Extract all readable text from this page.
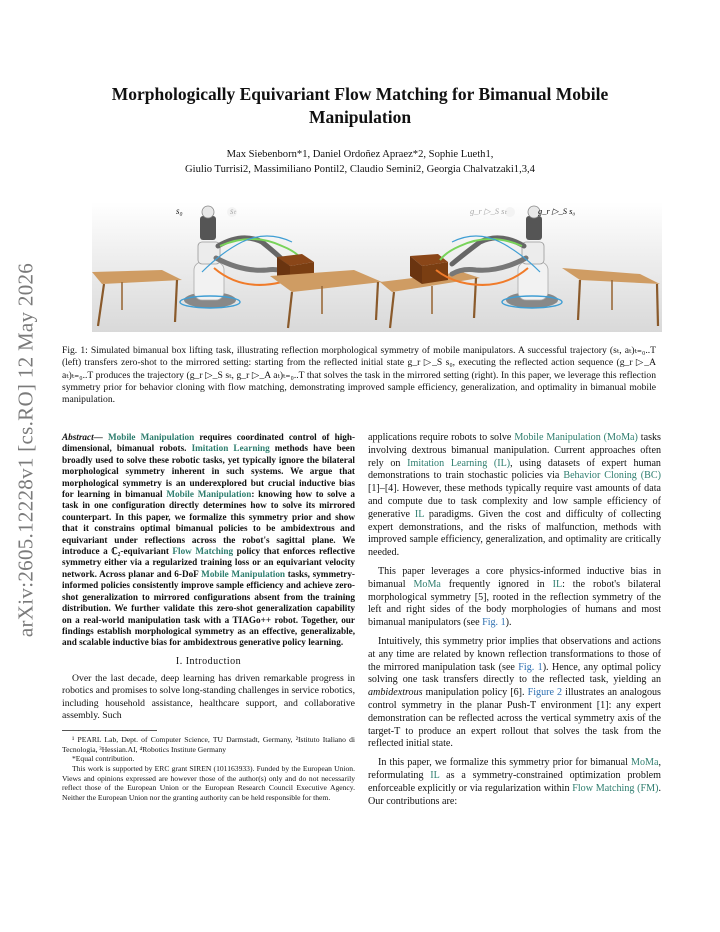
arXiv:2605.12228v1 [cs.RO] 12 May 2026
Morphologically Equivariant Flow Matching for Bimanual Mobile Manipulation
Max Siebenborn*1, Daniel Ordoñez Apraez*2, Sophie Lueth1,
Giulio Turrisi2, Massimiliano Pontil2, Claudio Semini2, Georgia Chalvatzaki1,3,4
s₀	sₜ	g_r ▷_S sₜ	g_r ▷_S s₀
Fig. 1: Simulated bimanual box lifting task, illustrating reflection morphological symmetry of mobile manipulators. A successful trajectory (sₜ, aₜ)ₜ₌₀..T (left) transfers zero-shot to the mirrored setting: starting from the reflected initial state g_r ▷_S s₀, executing the reflected action sequence (g_r ▷_A aₜ)ₜ₌₀..T produces the trajectory (g_r ▷_S sₜ, g_r ▷_A aₜ)ₜ₌₀..T that solves the task in the mirrored setting (right). In this paper, we leverage this reflection symmetry prior for behavior cloning with flow matching, demonstrating improved sample efficiency, generalization, and optimality in bimanual mobile manipulation.
Abstract— Mobile Manipulation requires coordinated control of high-dimensional, bimanual robots. Imitation Learning methods have been broadly used to solve these robotic tasks, yet typically ignore the bilateral morphological symmetry inherent in such systems. We argue that morphological symmetry is an underexplored but crucial inductive bias for learning in bimanual Mobile Manipulation: knowing how to solve a task in one configuration directly determines how to solve its mirrored counterpart. In this paper, we formalize this symmetry prior and show that it constrains optimal bimanual policies to be ambidextrous and equivariant under reflections across the robot's sagittal plane. We introduce a ℂ₂-equivariant Flow Matching policy that enforces reflective symmetry either via a regularized training loss or an equivariant velocity network. Across planar and 6-DoF Mobile Manipulation tasks, symmetry-informed policies consistently improve sample efficiency and achieve zero-shot generalization to mirrored configurations absent from the training distribution. We further validate this zero-shot generalization capability on a real-world manipulation task with a TIAGo++ robot. Together, our findings establish morphological symmetry as an effective, generalizable, and scalable inductive bias for ambidextrous generative policy learning.
I. Introduction

Over the last decade, deep learning has driven remarkable progress in robotics and promises to solve long-standing challenges in service robotics, including household assistance, healthcare support, and collaborative assembly. Such

¹ PEARL Lab, Dept. of Computer Science, TU Darmstadt, Germany, ²Istituto Italiano di Tecnologia, ³Hessian.AI, ⁴Robotics Institute Germany

*Equal contribution.

This work is supported by ERC grant SIREN (101163933). Funded by the European Union. Views and opinions expressed are however those of the author(s) only and do not necessarily reflect those of the European Union or the European Research Council Executive Agency. Neither the European Union nor the granting authority can be held responsible for them.

applications require robots to solve Mobile Manipulation (MoMa) tasks involving dextrous bimanual manipulation. Current approaches often rely on Imitation Learning (IL), using datasets of expert human demonstrations to train stochastic policies via Behavior Cloning (BC) [1]–[4]. However, these methods typically require vast amounts of data and compute due to task complexity and low sample efficiency of generative IL paradigms. Given the cost and difficulty of collecting expert demonstrations, and the risks of malfunction, methods with improved sample efficiency, generalization, and optimality are critically needed.

This paper leverages a core physics-informed inductive bias in bimanual MoMa frequently ignored in IL: the robot's bilateral morphological symmetry [5], rooted in the reflection symmetry of the left and right sides of the body morphologies of humans and most bimanual manipulators (see Fig. 1).

Intuitively, this symmetry prior implies that observations and actions at any time are related by known reflection transformations to those of the mirrored manipulation task (see Fig. 1). Hence, any optimal policy solving one task transfers directly to the reflected task, yielding an ambidextrous manipulation policy [6]. Figure 2 illustrates an analogous control symmetry in the planar Push-T environment [1]: any expert demonstration can be reflected across the vertical symmetry axis of the target-T to produce an expert rollout that solves the task from the reflected initial state.

In this paper, we formalize this symmetry prior for bimanual MoMa, reformulating IL as a symmetry-constrained optimization problem enforceable explicitly or via regularization within Flow Matching (FM). Our contributions are:
